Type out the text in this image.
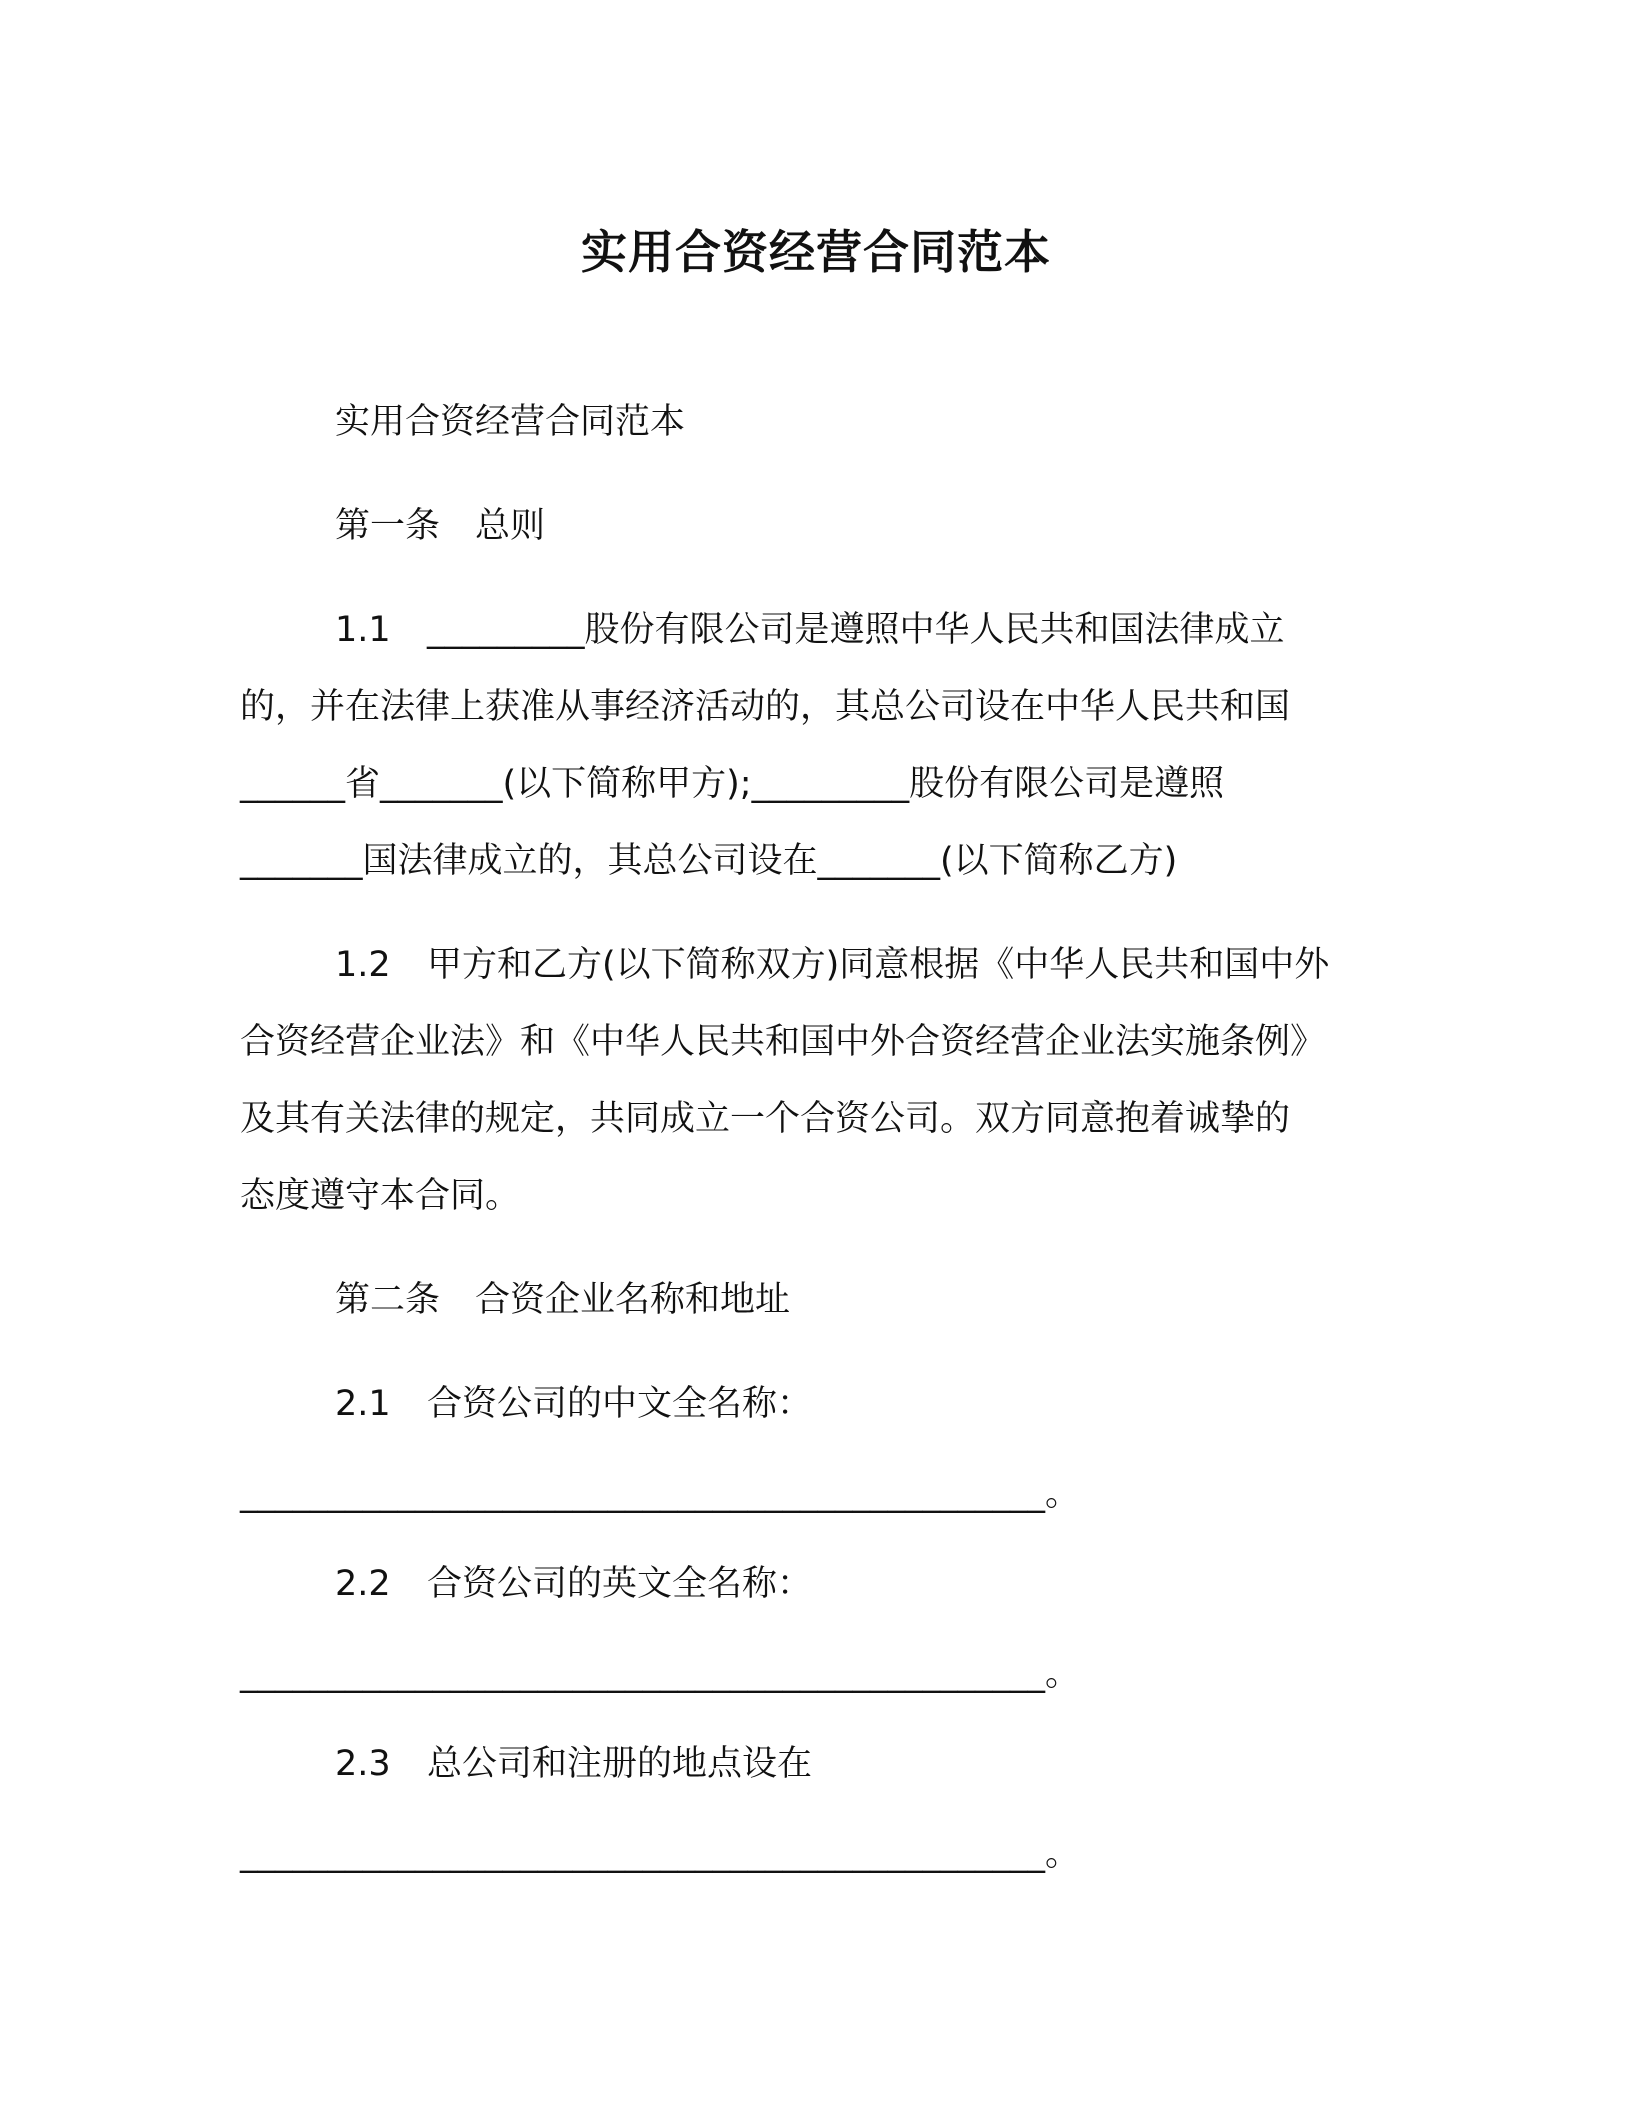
实用合资经营合同范本
实用合资经营合同范本
第一条　总则
1.1 _________股份有限公司是遵照中华人民共和国法律成立
的，并在法律上获准从事经济活动的，其总公司设在中华人民共和国
______省_______(以下简称甲方);_________股份有限公司是遵照
_______国法律成立的，其总公司设在_______(以下简称乙方)
1.2 甲方和乙方(以下简称双方)同意根据《中华人民共和国中外
合资经营企业法》和《中华人民共和国中外合资经营企业法实施条例》
及其有关法律的规定，共同成立一个合资公司。双方同意抱着诚挚的
态度遵守本合同。
第二条　合资企业名称和地址
2.1 合资公司的中文全名称：
______________________________________________。
2.2 合资公司的英文全名称：
______________________________________________。
2.3 总公司和注册的地点设在
______________________________________________。
